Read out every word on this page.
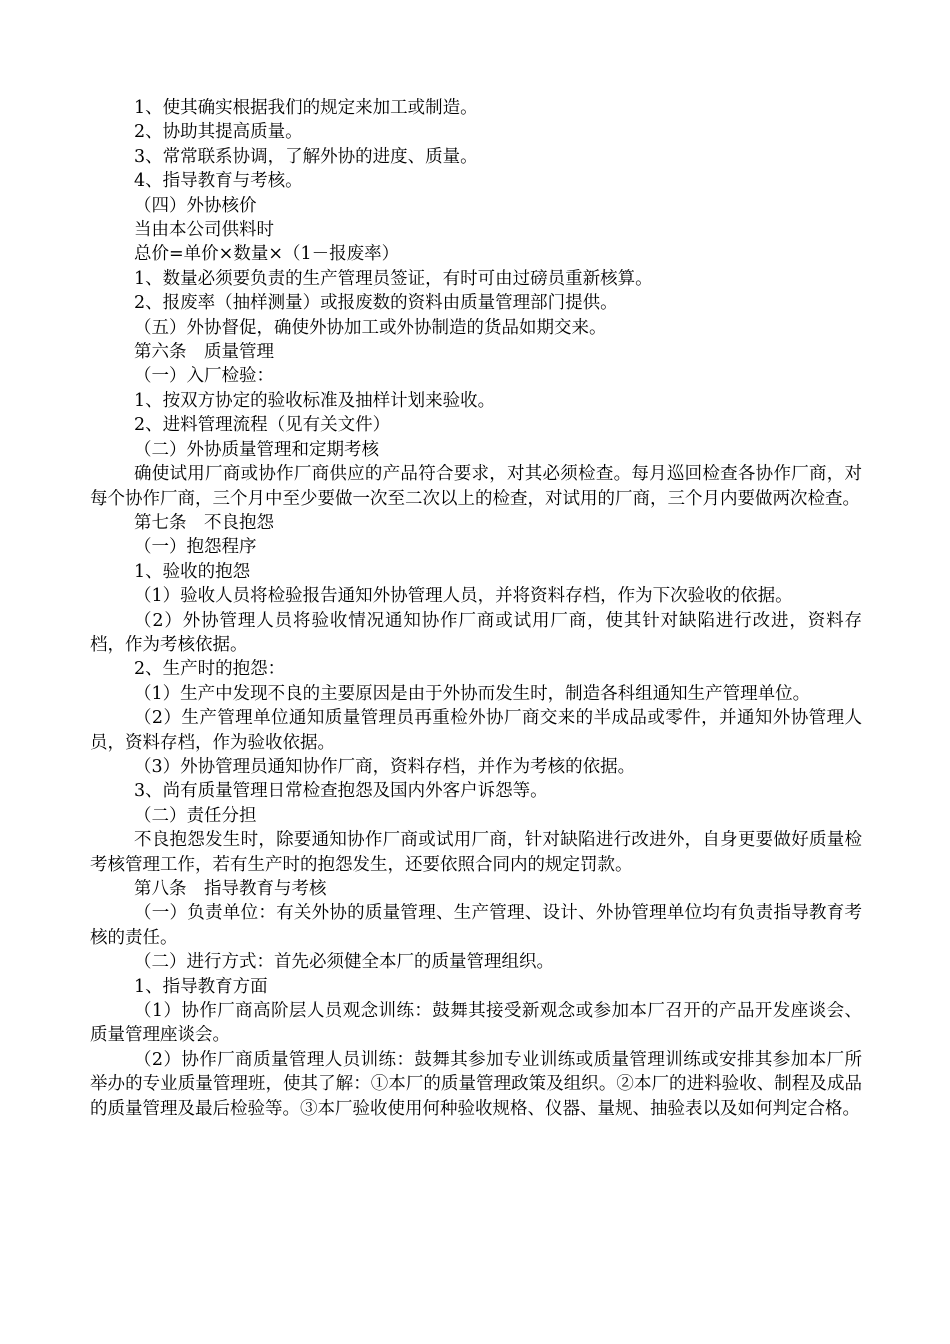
1、使其确实根据我们的规定来加工或制造。

2、协助其提高质量。

3、常常联系协调，了解外协的进度、质量。

4、指导教育与考核。

（四）外协核价

当由本公司供料时

总价=单价×数量×（1－报废率）

1、数量必须要负责的生产管理员签证，有时可由过磅员重新核算。

2、报废率（抽样测量）或报废数的资料由质量管理部门提供。

（五）外协督促，确使外协加工或外协制造的货品如期交来。

第六条　质量管理

（一）入厂检验：

1、按双方协定的验收标准及抽样计划来验收。

2、进料管理流程（见有关文件）

（二）外协质量管理和定期考核

确使试用厂商或协作厂商供应的产品符合要求，对其必须检查。每月巡回检查各协作厂商，对每个协作厂商，三个月中至少要做一次至二次以上的检查，对试用的厂商，三个月内要做两次检查。

第七条　不良抱怨

（一）抱怨程序

1、验收的抱怨

（1）验收人员将检验报告通知外协管理人员，并将资料存档，作为下次验收的依据。

（2）外协管理人员将验收情况通知协作厂商或试用厂商，使其针对缺陷进行改进，资料存档，作为考核依据。

2、生产时的抱怨：

（1）生产中发现不良的主要原因是由于外协而发生时，制造各科组通知生产管理单位。

（2）生产管理单位通知质量管理员再重检外协厂商交来的半成品或零件，并通知外协管理人员，资料存档，作为验收依据。

（3）外协管理员通知协作厂商，资料存档，并作为考核的依据。

3、尚有质量管理日常检查抱怨及国内外客户诉怨等。

（二）责任分担

不良抱怨发生时，除要通知协作厂商或试用厂商，针对缺陷进行改进外，自身更要做好质量检考核管理工作，若有生产时的抱怨发生，还要依照合同内的规定罚款。

第八条　指导教育与考核

（一）负责单位：有关外协的质量管理、生产管理、设计、外协管理单位均有负责指导教育考核的责任。

（二）进行方式：首先必须健全本厂的质量管理组织。

1、指导教育方面

（1）协作厂商高阶层人员观念训练：鼓舞其接受新观念或参加本厂召开的产品开发座谈会、质量管理座谈会。

（2）协作厂商质量管理人员训练：鼓舞其参加专业训练或质量管理训练或安排其参加本厂所举办的专业质量管理班，使其了解：①本厂的质量管理政策及组织。②本厂的进料验收、制程及成品的质量管理及最后检验等。③本厂验收使用何种验收规格、仪器、量规、抽验表以及如何判定合格。
